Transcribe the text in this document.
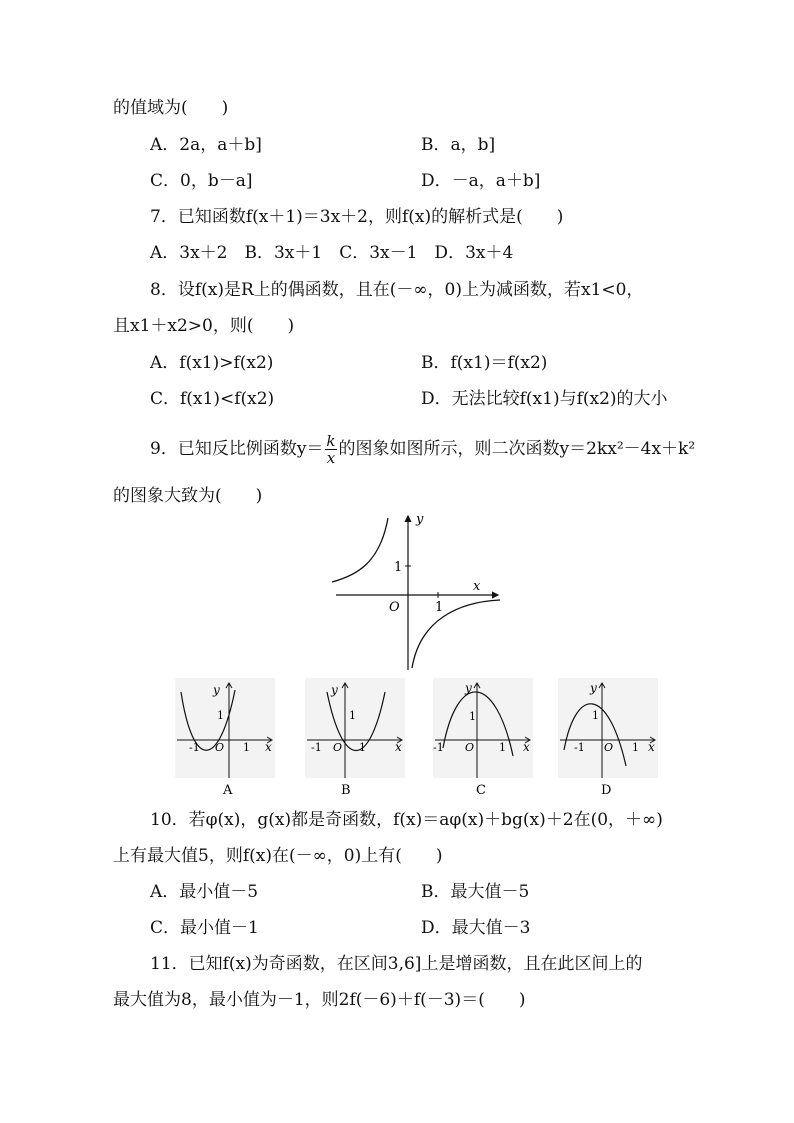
的值域为(　　)
A．2a，a＋b]	B．a，b]
C．0，b－a]	D．－a，a＋b]
7．已知函数f(x＋1)＝3x＋2，则f(x)的解析式是(　　)
A．3x＋2　B．3x＋1　C．3x－1　D．3x＋4
8．设f(x)是R上的偶函数，且在(－∞，0)上为减函数，若x1<0，
且x1＋x2>0，则(　　)
A．f(x1)>f(x2)	B．f(x1)＝f(x2)
C．f(x1)<f(x2)	D．无法比较f(x1)与f(x2)的大小
9．已知反比例函数$y= \frac{k}{x}$ 的图象如图所示，则二次函数y＝2kx²－4x＋k²
的图象大致为(　　)
y
x
O
1
1
y
x
1
-1 O 1
A
y
x
1
-1 O 1
B
y
x
1
-1 O 1
C
y
x
1
-1 O 1
D
10．若φ(x)，g(x)都是奇函数，f(x)＝aφ(x)＋bg(x)＋2在(0，＋∞)
上有最大值5，则f(x)在(－∞，0)上有(　　)
A．最小值－5	B．最大值－5
C．最小值－1	D．最大值－3
11．已知f(x)为奇函数，在区间3,6]上是增函数，且在此区间上的
最大值为8，最小值为－1，则2f(－6)＋f(－3)＝(　　)
